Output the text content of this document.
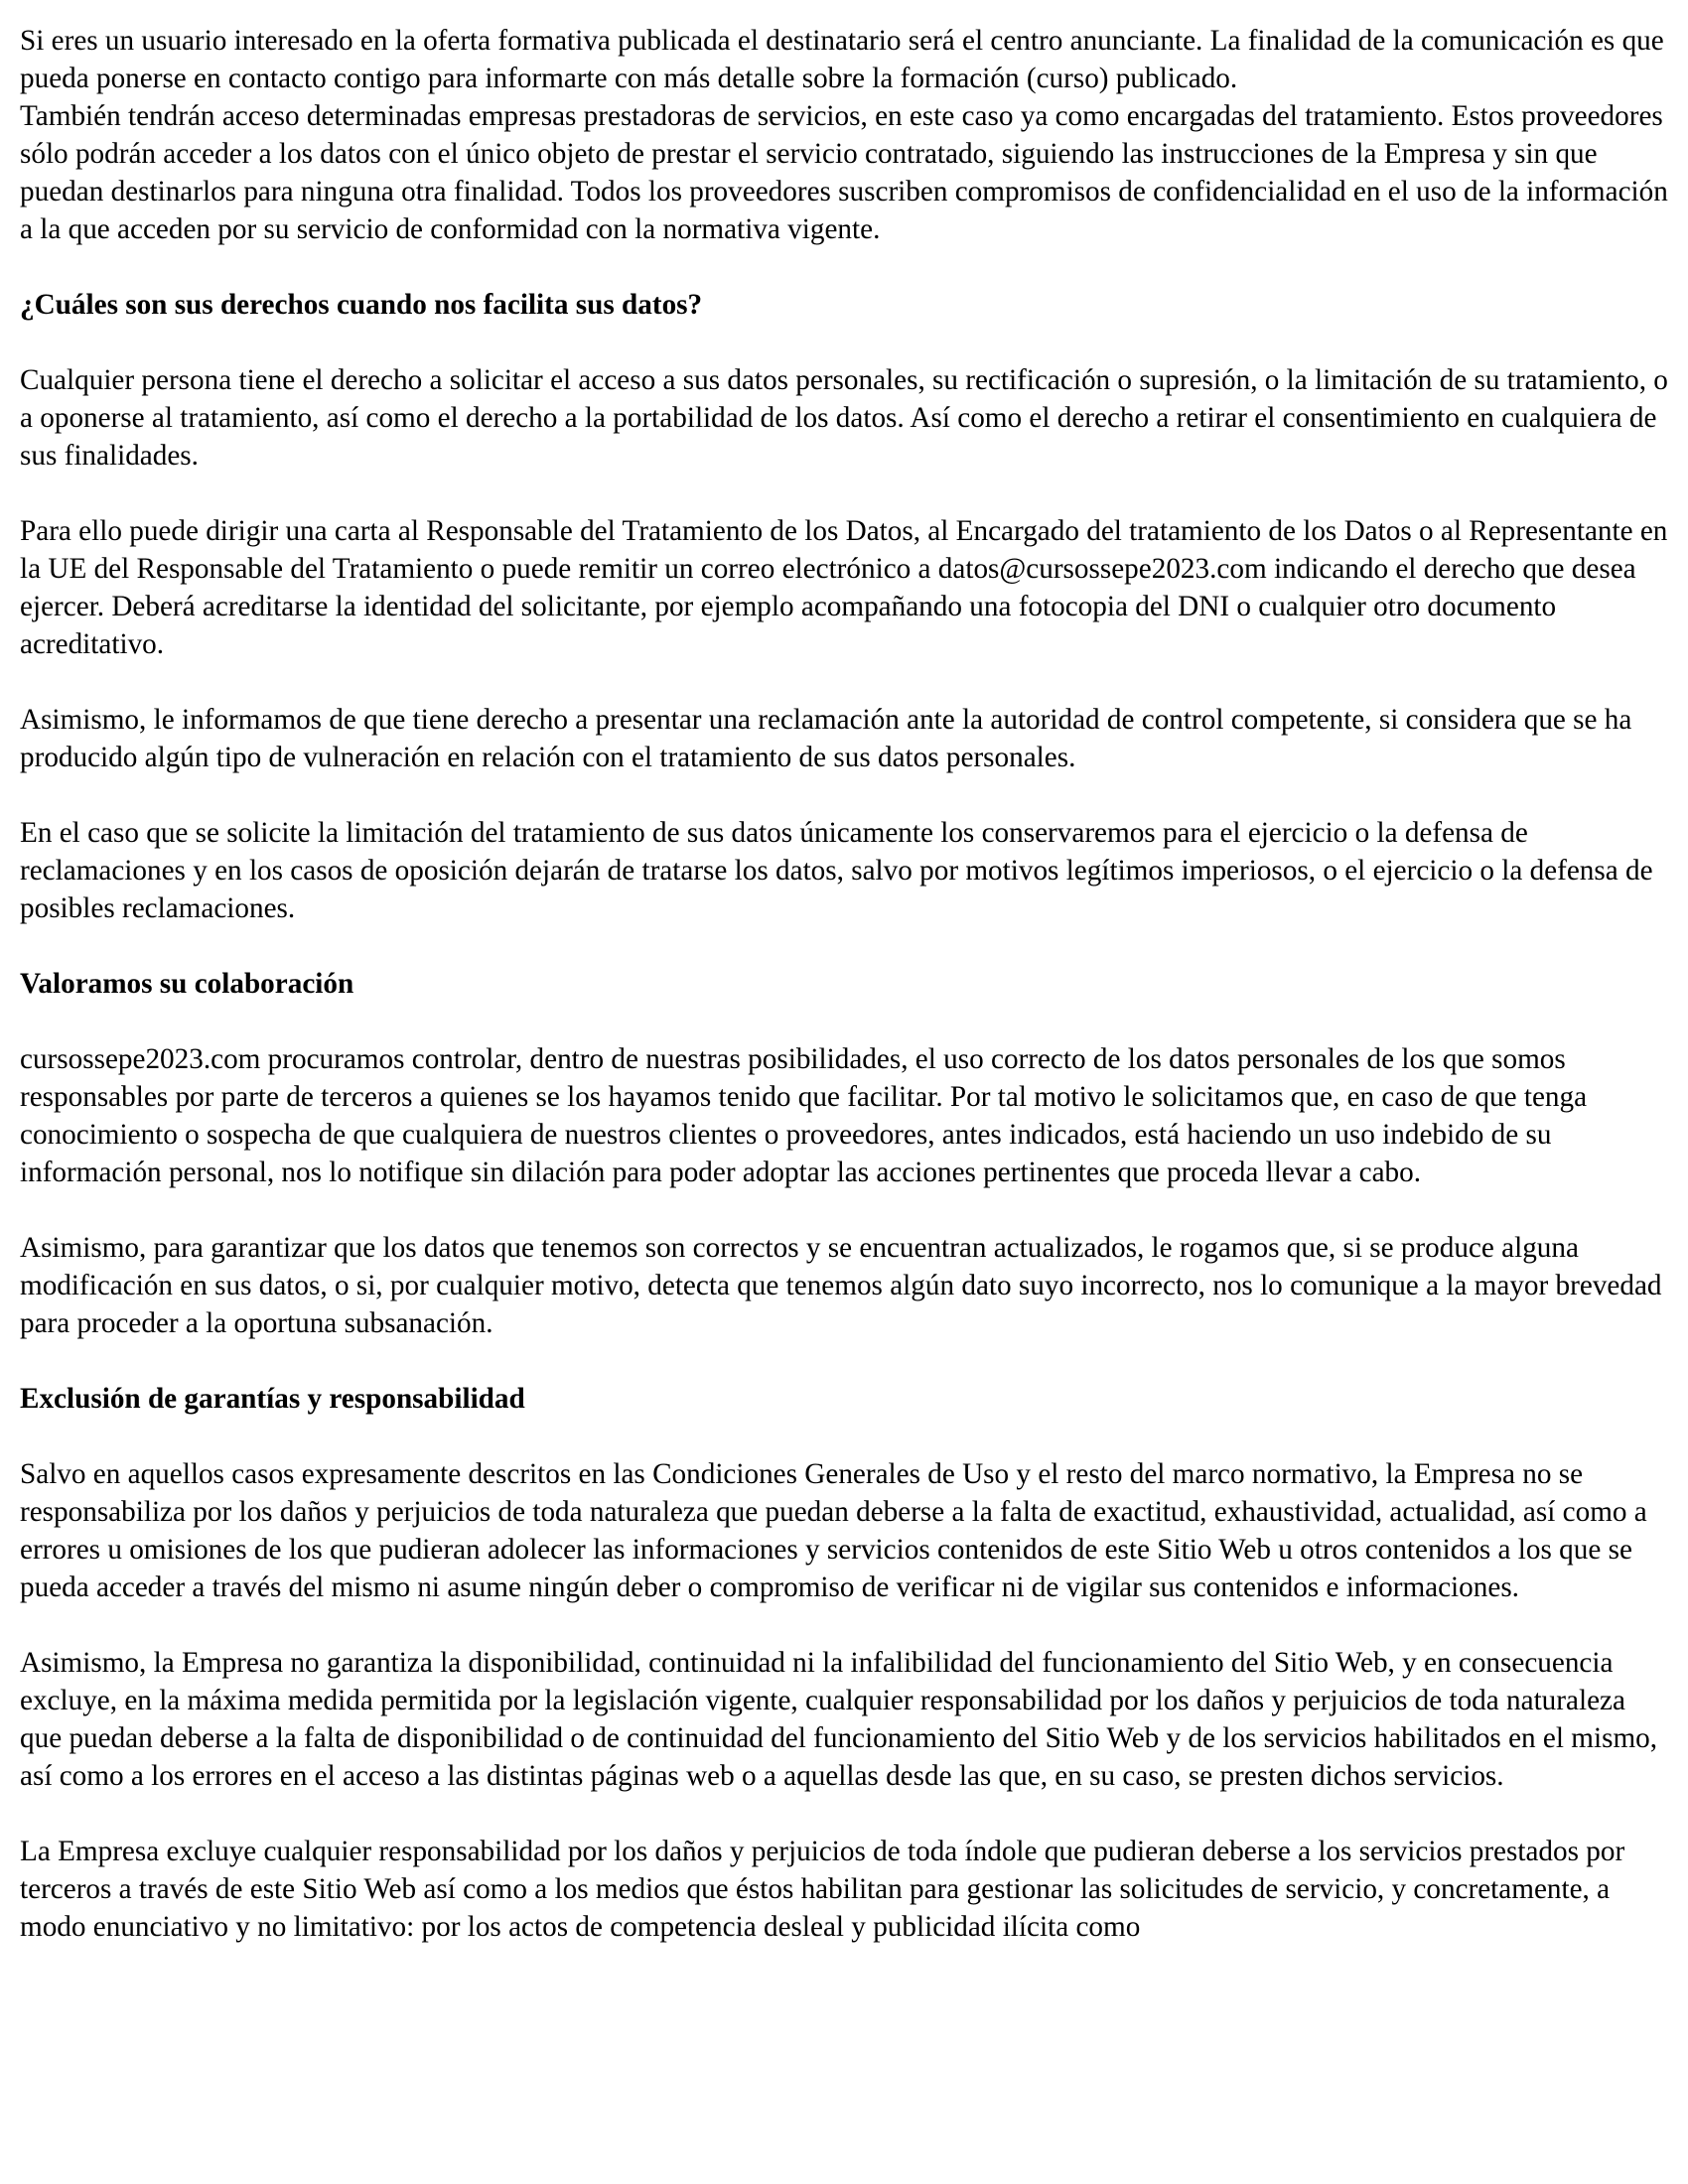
Si eres un usuario interesado en la oferta formativa publicada el destinatario será el centro anunciante. La finalidad de la comunicación es que pueda ponerse en contacto contigo para informarte con más detalle sobre la formación (curso) publicado.

También tendrán acceso determinadas empresas prestadoras de servicios, en este caso ya como encargadas del tratamiento. Estos proveedores sólo podrán acceder a los datos con el único objeto de prestar el servicio contratado, siguiendo las instrucciones de la Empresa y sin que puedan destinarlos para ninguna otra finalidad. Todos los proveedores suscriben compromisos de confidencialidad en el uso de la información a la que acceden por su servicio de conformidad con la normativa vigente.

¿Cuáles son sus derechos cuando nos facilita sus datos?

Cualquier persona tiene el derecho a solicitar el acceso a sus datos personales, su rectificación o supresión, o la limitación de su tratamiento, o a oponerse al tratamiento, así como el derecho a la portabilidad de los datos. Así como el derecho a retirar el consentimiento en cualquiera de sus finalidades.

Para ello puede dirigir una carta al Responsable del Tratamiento de los Datos, al Encargado del tratamiento de los Datos o al Representante en la UE del Responsable del Tratamiento o puede remitir un correo electrónico a datos@cursossepe2023.com indicando el derecho que desea ejercer. Deberá acreditarse la identidad del solicitante, por ejemplo acompañando una fotocopia del DNI o cualquier otro documento acreditativo.

Asimismo, le informamos de que tiene derecho a presentar una reclamación ante la autoridad de control competente, si considera que se ha producido algún tipo de vulneración en relación con el tratamiento de sus datos personales.

En el caso que se solicite la limitación del tratamiento de sus datos únicamente los conservaremos para el ejercicio o la defensa de reclamaciones y en los casos de oposición dejarán de tratarse los datos, salvo por motivos legítimos imperiosos, o el ejercicio o la defensa de posibles reclamaciones.

Valoramos su colaboración

cursossepe2023.com procuramos controlar, dentro de nuestras posibilidades, el uso correcto de los datos personales de los que somos responsables por parte de terceros a quienes se los hayamos tenido que facilitar. Por tal motivo le solicitamos que, en caso de que tenga conocimiento o sospecha de que cualquiera de nuestros clientes o proveedores, antes indicados, está haciendo un uso indebido de su información personal, nos lo notifique sin dilación para poder adoptar las acciones pertinentes que proceda llevar a cabo.

Asimismo, para garantizar que los datos que tenemos son correctos y se encuentran actualizados, le rogamos que, si se produce alguna modificación en sus datos, o si, por cualquier motivo, detecta que tenemos algún dato suyo incorrecto, nos lo comunique a la mayor brevedad para proceder a la oportuna subsanación.

Exclusión de garantías y responsabilidad

Salvo en aquellos casos expresamente descritos en las Condiciones Generales de Uso y el resto del marco normativo, la Empresa no se responsabiliza por los daños y perjuicios de toda naturaleza que puedan deberse a la falta de exactitud, exhaustividad, actualidad, así como a errores u omisiones de los que pudieran adolecer las informaciones y servicios contenidos de este Sitio Web u otros contenidos a los que se pueda acceder a través del mismo ni asume ningún deber o compromiso de verificar ni de vigilar sus contenidos e informaciones.

Asimismo, la Empresa no garantiza la disponibilidad, continuidad ni la infalibilidad del funcionamiento del Sitio Web, y en consecuencia excluye, en la máxima medida permitida por la legislación vigente, cualquier responsabilidad por los daños y perjuicios de toda naturaleza que puedan deberse a la falta de disponibilidad o de continuidad del funcionamiento del Sitio Web y de los servicios habilitados en el mismo, así como a los errores en el acceso a las distintas páginas web o a aquellas desde las que, en su caso, se presten dichos servicios.

La Empresa excluye cualquier responsabilidad por los daños y perjuicios de toda índole que pudieran deberse a los servicios prestados por terceros a través de este Sitio Web así como a los medios que éstos habilitan para gestionar las solicitudes de servicio, y concretamente, a modo enunciativo y no limitativo: por los actos de competencia desleal y publicidad ilícita como
